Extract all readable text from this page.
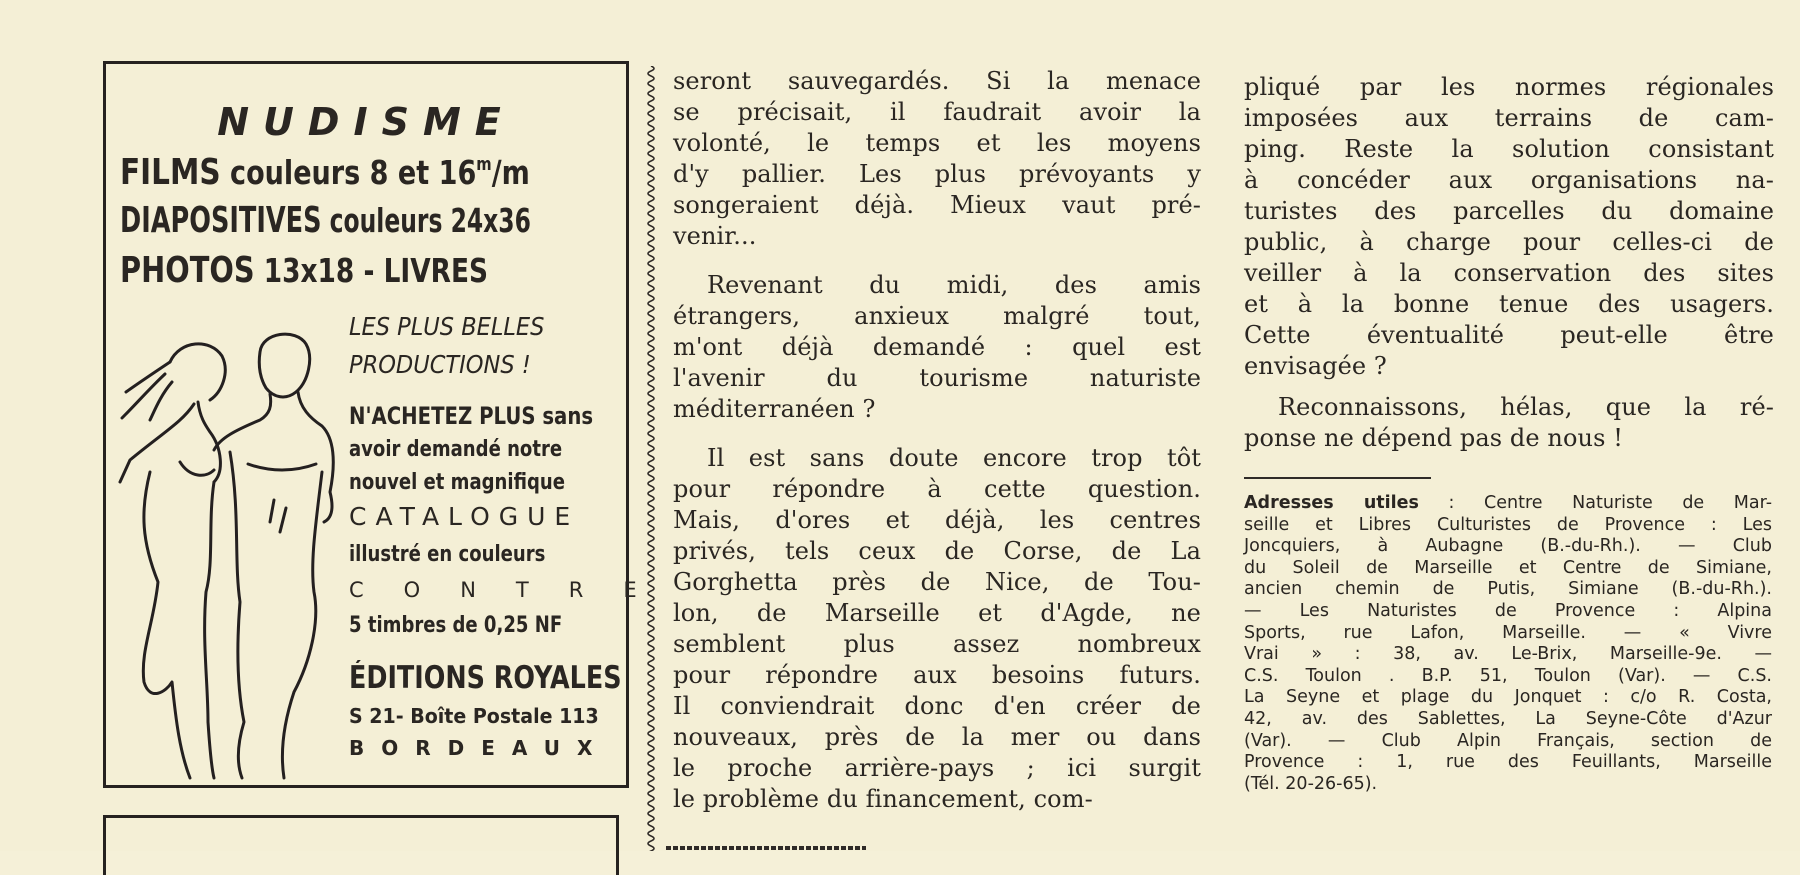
NUDISME
FILMS couleurs 8 et 16$^m$/m
DIAPOSITIVES couleurs 24x36
PHOTOS 13x18 - LIVRES
LES PLUS BELLES
PRODUCTIONS !
N'ACHETEZ PLUS sans
avoir demandé notre
nouvel et magnifique
CATALOGUE
illustré en couleurs
CONTRE
5 timbres de 0,25 NF
ÉDITIONS ROYALES
S 21- Boîte Postale 113
BORDEAUX
seront sauvegardés. Si la menace
se précisait, il faudrait avoir la
volonté, le temps et les moyens
d'y pallier. Les plus prévoyants y
songeraient déjà. Mieux vaut pré-
venir...
Revenant du midi, des amis
étrangers, anxieux malgré tout,
m'ont déjà demandé : quel est
l'avenir du tourisme naturiste
méditerranéen ?
Il est sans doute encore trop tôt
pour répondre à cette question.
Mais, d'ores et déjà, les centres
privés, tels ceux de Corse, de La
Gorghetta près de Nice, de Tou-
lon, de Marseille et d'Agde, ne
semblent plus assez nombreux
pour répondre aux besoins futurs.
Il conviendrait donc d'en créer de
nouveaux, près de la mer ou dans
le proche arrière-pays ; ici surgit
le problème du financement, com-
pliqué par les normes régionales
imposées aux terrains de cam-
ping. Reste la solution consistant
à concéder aux organisations na-
turistes des parcelles du domaine
public, à charge pour celles-ci de
veiller à la conservation des sites
et à la bonne tenue des usagers.
Cette éventualité peut-elle être
envisagée ?
Reconnaissons, hélas, que la ré-
ponse ne dépend pas de nous !
Adresses utiles : Centre Naturiste de Mar-
seille et Libres Culturistes de Provence : Les
Joncquiers, à Aubagne (B.-du-Rh.). — Club
du Soleil de Marseille et Centre de Simiane,
ancien chemin de Putis, Simiane (B.-du-Rh.).
— Les Naturistes de Provence : Alpina
Sports, rue Lafon, Marseille. — « Vivre
Vrai » : 38, av. Le-Brix, Marseille-9e. —
C.S. Toulon . B.P. 51, Toulon (Var). — C.S.
La Seyne et plage du Jonquet : c/o R. Costa,
42, av. des Sablettes, La Seyne-Côte d'Azur
(Var). — Club Alpin Français, section de
Provence : 1, rue des Feuillants, Marseille
(Tél. 20-26-65).
